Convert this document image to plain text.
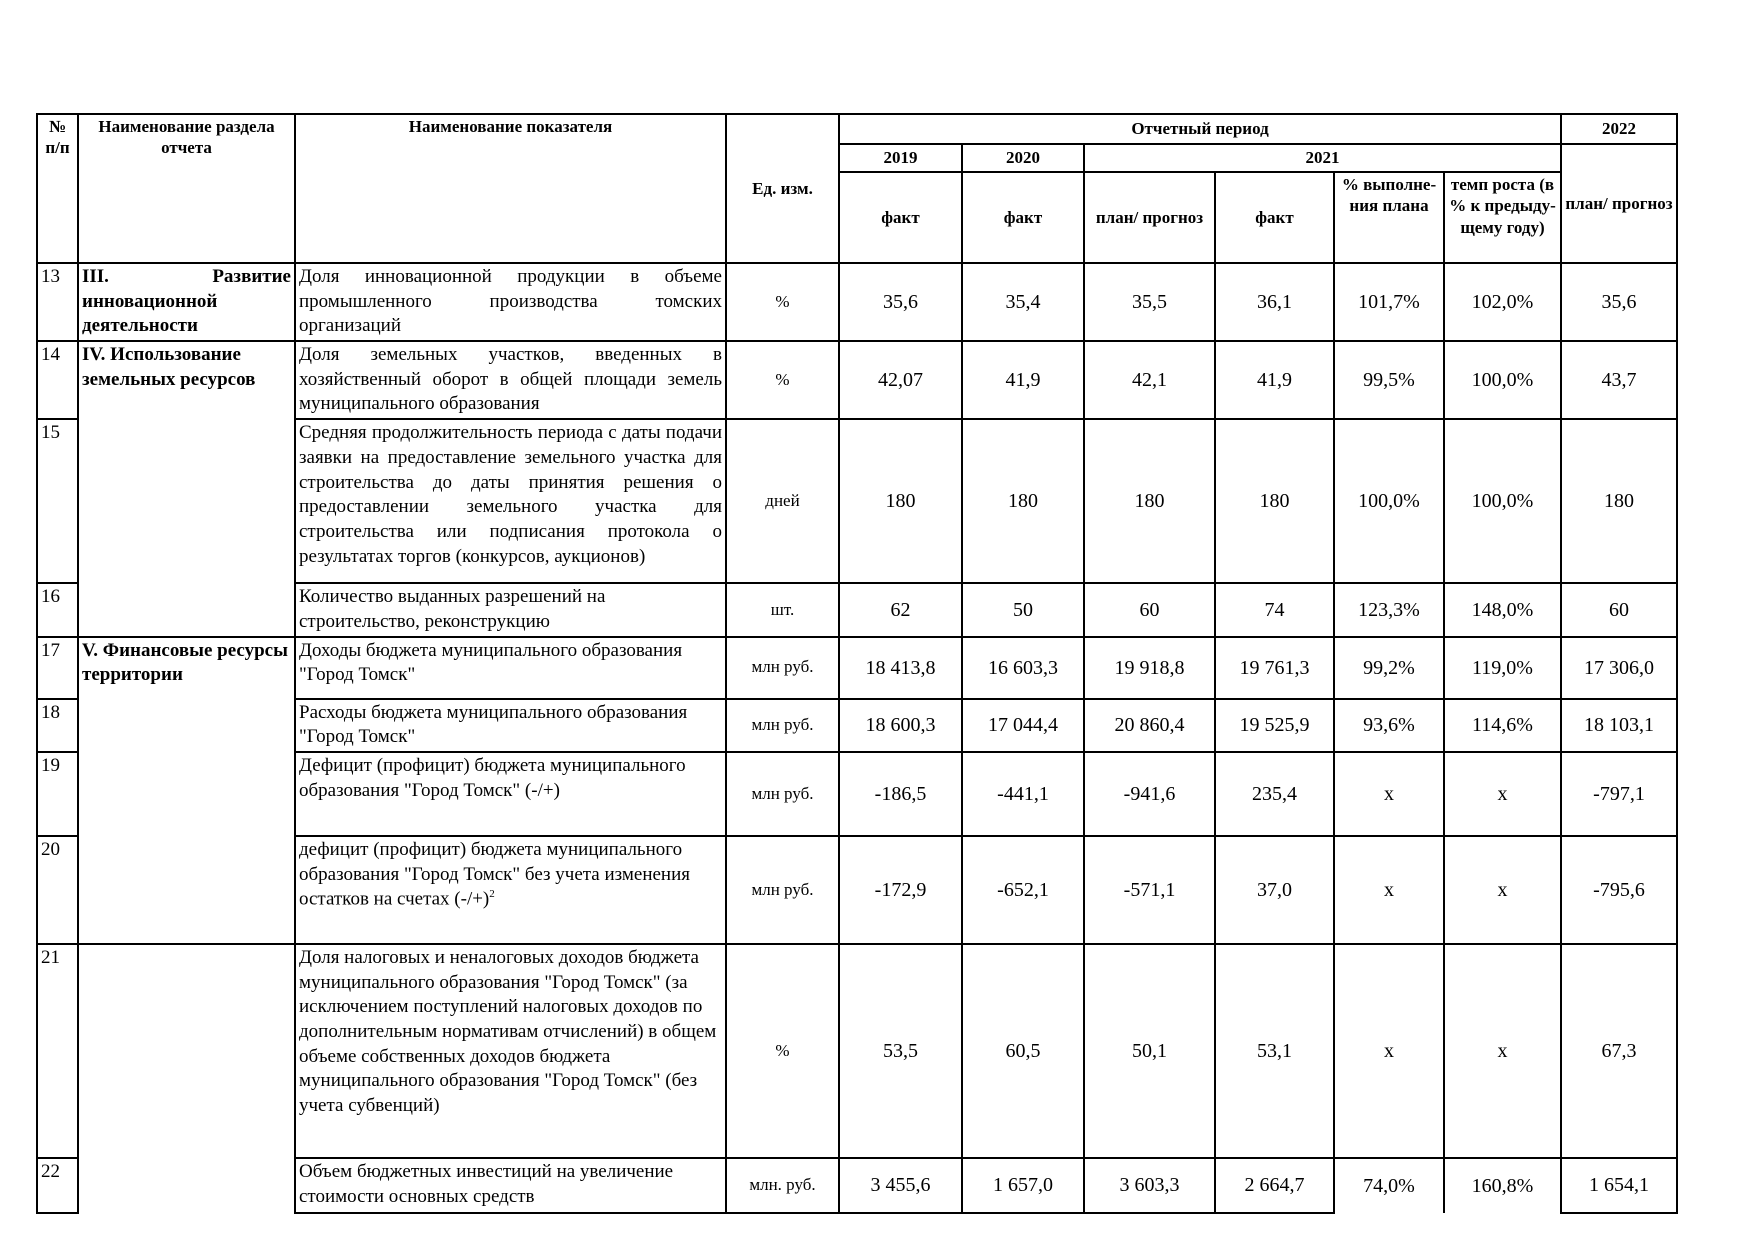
№ п/п	Наименование раздела отчета	Наименование показателя	Ед. изм.	Отчетный период						2022
				2019	2020	2021				план/ прогноз
				факт	факт	план/ прогноз	факт	% выполне-ния плана	темп роста (в % к предыду-щему году)	
13	III. Развитие инновационной деятельности	Доля инновационной продукции в объеме промышленного производства томских организаций	%	35,6	35,4	35,5	36,1	101,7%	102,0%	35,6
14	IV. Использование земельных ресурсов	Доля земельных участков, введенных в хозяйственный оборот в общей площади земель муниципального образования	%	42,07	41,9	42,1	41,9	99,5%	100,0%	43,7
15		Средняя продолжительность периода с даты подачи заявки на предоставление земельного участка для строительства до даты принятия решения о предоставлении земельного участка для строительства или подписания протокола о результатах торгов (конкурсов, аукционов)	дней	180	180	180	180	100,0%	100,0%	180
16		Количество выданных разрешений на строительство, реконструкцию	шт.	62	50	60	74	123,3%	148,0%	60
17	V. Финансовые ресурсы территории	Доходы бюджета муниципального образования "Город Томск"	млн руб.	18 413,8	16 603,3	19 918,8	19 761,3	99,2%	119,0%	17 306,0
18		Расходы бюджета муниципального образования "Город Томск"	млн руб.	18 600,3	17 044,4	20 860,4	19 525,9	93,6%	114,6%	18 103,1
19		Дефицит (профицит) бюджета муниципального образования "Город Томск" (-/+)	млн руб.	-186,5	-441,1	-941,6	235,4	x	x	-797,1
20		дефицит (профицит) бюджета муниципального образования "Город Томск" без учета изменения остатков на счетах $(-/+)^2$	млн руб.	-172,9	-652,1	-571,1	37,0	x	x	-795,6
21		Доля налоговых и неналоговых доходов бюджета муниципального образования "Город Томск" (за исключением поступлений налоговых доходов по дополнительным нормативам отчислений) в общем объеме собственных доходов бюджета муниципального образования "Город Томск" (без учета субвенций)	%	53,5	60,5	50,1	53,1	x	x	67,3
22		Объем бюджетных инвестиций на увеличение стоимости основных средств	млн. руб.	3 455,6	1 657,0	3 603,3	2 664,7	74,0%	160,8%	1 654,1
